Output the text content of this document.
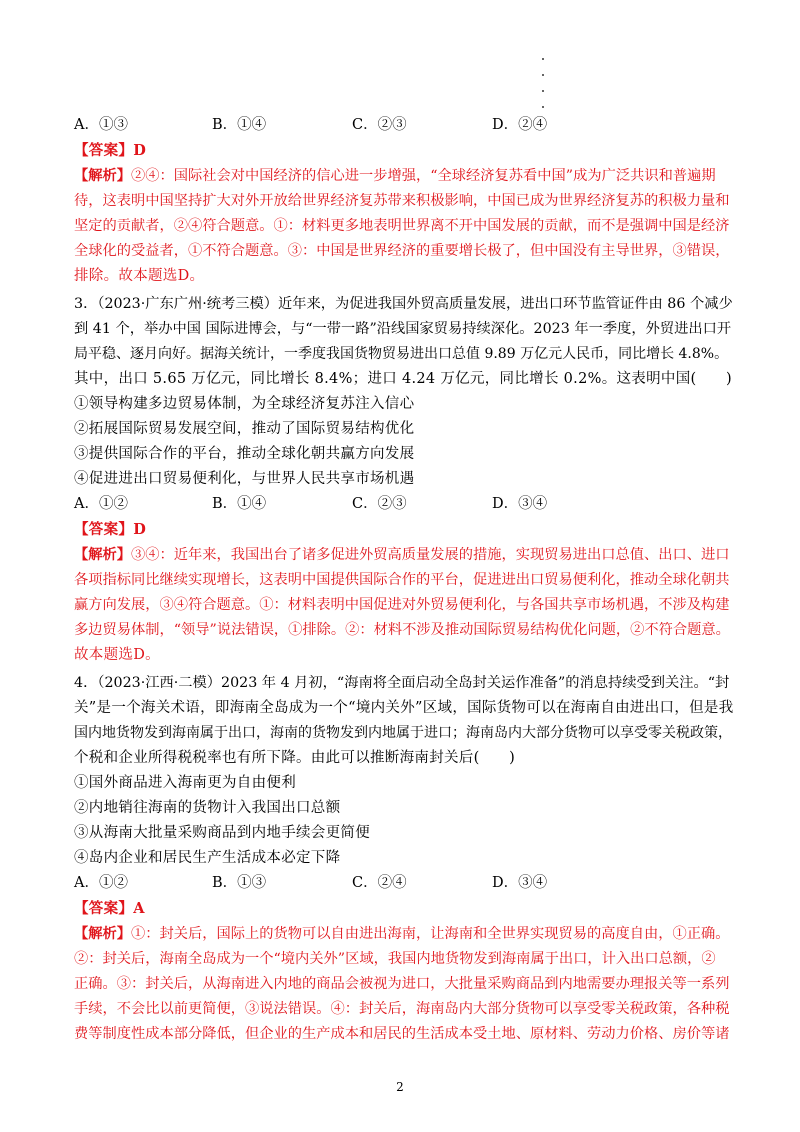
A．①③	B．①④	C．②③	D．②④
【答案】D
【解析】②④：国际社会对中国经济的信心进一步增强，“全球经济复苏看中国”成为广泛共识和普遍期
待，这表明中国坚持扩大对外开放给世界经济复苏带来积极影响，中国已成为世界经济复苏的积极力量和
坚定的贡献者，②④符合题意。①：材料更多地表明世界离不开中国发展的贡献，而不是强调中国是经济
全球化的受益者，①不符合题意。③：中国是世界经济的重要增长极了，但中国没有主导世界，③错误，
排除。故本题选D。
3．（2023·广东广州·统考三模）近年来，为促进我国外贸高质量发展，进出口环节监管证件由 86 个减少
到 41 个，举办中国 国际进博会，与“一带一路”沿线国家贸易持续深化。2023 年一季度，外贸进出口开
局平稳、逐月向好。据海关统计，一季度我国货物贸易进出口总值 9.89 万亿元人民币，同比增长 4.8%。
其中，出口 5.65 万亿元，同比增长 8.4%；进口 4.24 万亿元，同比增长 0.2%。这表明中国(　　)
①领导构建多边贸易体制，为全球经济复苏注入信心
②拓展国际贸易发展空间，推动了国际贸易结构优化
③提供国际合作的平台，推动全球化朝共赢方向发展
④促进进出口贸易便利化，与世界人民共享市场机遇
A．①②	B．①④	C．②③	D．③④
【答案】D
【解析】③④：近年来，我国出台了诸多促进外贸高质量发展的措施，实现贸易进出口总值、出口、进口
各项指标同比继续实现增长，这表明中国提供国际合作的平台，促进进出口贸易便利化，推动全球化朝共
赢方向发展，③④符合题意。①：材料表明中国促进对外贸易便利化，与各国共享市场机遇，不涉及构建
多边贸易体制，“领导”说法错误，①排除。②：材料不涉及推动国际贸易结构优化问题，②不符合题意。
故本题选D。
4．（2023·江西·二模）2023 年 4 月初，“海南将全面启动全岛封关运作准备”的消息持续受到关注。“封
关”是一个海关术语，即海南全岛成为一个“境内关外”区域，国际货物可以在海南自由进出口，但是我
国内地货物发到海南属于出口，海南的货物发到内地属于进口；海南岛内大部分货物可以享受零关税政策，
个税和企业所得税税率也有所下降。由此可以推断海南封关后(　　)
①国外商品进入海南更为自由便利
②内地销往海南的货物计入我国出口总额
③从海南大批量采购商品到内地手续会更简便
④岛内企业和居民生产生活成本必定下降
A．①②	B．①③	C．②④	D．③④
【答案】A
【解析】①：封关后，国际上的货物可以自由进出海南，让海南和全世界实现贸易的高度自由，①正确。
②：封关后，海南全岛成为一个“境内关外”区域，我国内地货物发到海南属于出口，计入出口总额，②
正确。③：封关后，从海南进入内地的商品会被视为进口，大批量采购商品到内地需要办理报关等一系列
手续，不会比以前更简便，③说法错误。④：封关后，海南岛内大部分货物可以享受零关税政策，各种税
费等制度性成本部分降低，但企业的生产成本和居民的生活成本受土地、原材料、劳动力价格、房价等诸
2
